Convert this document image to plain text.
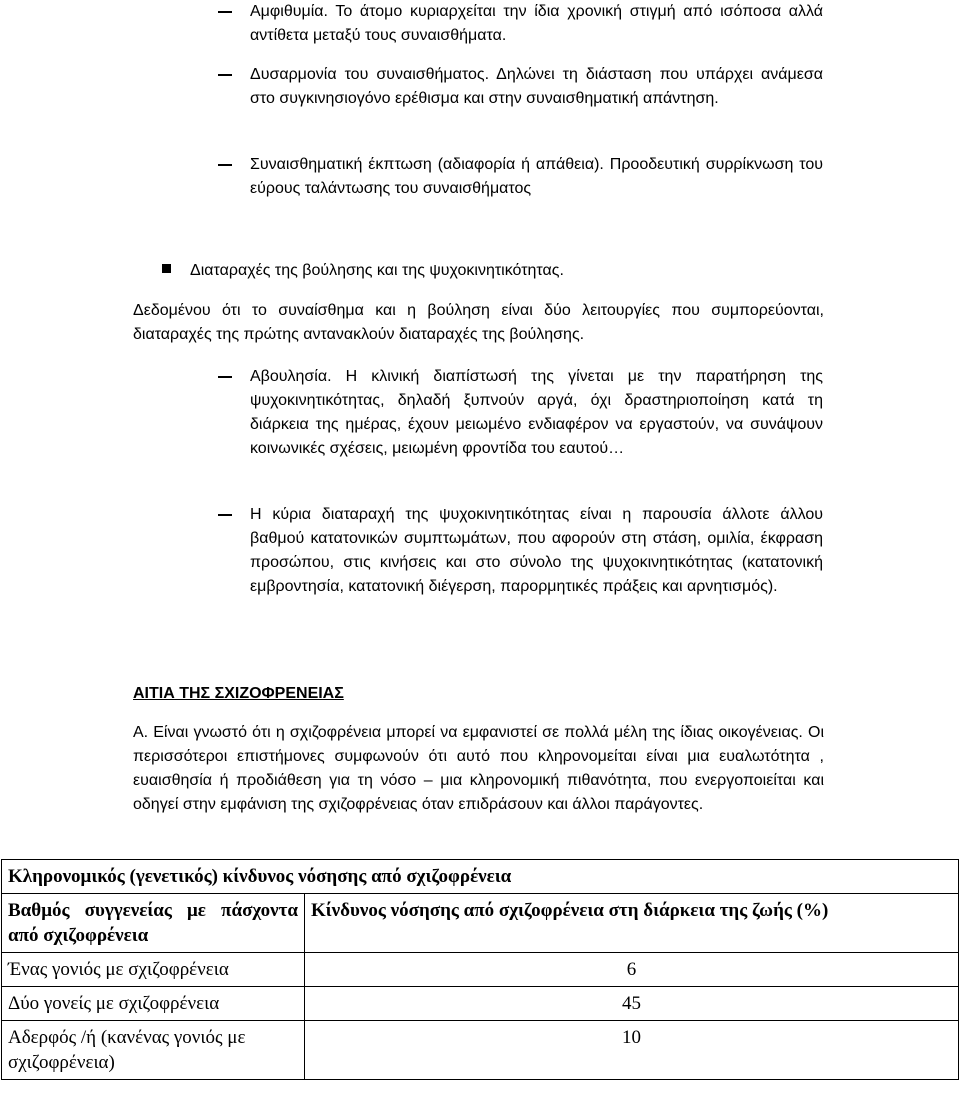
Αμφιθυμία. Το άτομο κυριαρχείται την ίδια χρονική στιγμή από ισόποσα αλλά αντίθετα μεταξύ τους συναισθήματα.
Δυσαρμονία του συναισθήματος. Δηλώνει τη διάσταση που υπάρχει ανάμεσα στο συγκινησιογόνο ερέθισμα και στην συναισθηματική απάντηση.
Συναισθηματική έκπτωση (αδιαφορία ή απάθεια). Προοδευτική συρρίκνωση του εύρους ταλάντωσης του συναισθήματος
Διαταραχές της βούλησης και της ψυχοκινητικότητας.
Δεδομένου ότι το συναίσθημα και η βούληση είναι δύο λειτουργίες που συμπορεύονται, διαταραχές της πρώτης αντανακλούν διαταραχές της βούλησης.
Αβουλησία. Η κλινική διαπίστωσή της γίνεται με την παρατήρηση της ψυχοκινητικότητας, δηλαδή ξυπνούν αργά, όχι δραστηριοποίηση κατά τη διάρκεια της ημέρας, έχουν μειωμένο ενδιαφέρον να εργαστούν, να συνάψουν κοινωνικές σχέσεις, μειωμένη φροντίδα του εαυτού…
Η κύρια διαταραχή της ψυχοκινητικότητας είναι η παρουσία άλλοτε άλλου βαθμού κατατονικών συμπτωμάτων, που αφορούν στη στάση, ομιλία, έκφραση προσώπου, στις κινήσεις και στο σύνολο της ψυχοκινητικότητας (κατατονική εμβροντησία, κατατονική διέγερση, παρορμητικές πράξεις και αρνητισμός).
ΑΙΤΙΑ ΤΗΣ ΣΧΙΖΟΦΡΕΝΕΙΑΣ
Α. Είναι γνωστό ότι η σχιζοφρένεια μπορεί να εμφανιστεί σε πολλά μέλη της ίδιας οικογένειας. Οι περισσότεροι επιστήμονες συμφωνούν ότι αυτό που κληρονομείται είναι μια ευαλωτότητα , ευαισθησία ή προδιάθεση για τη νόσο – μια κληρονομική πιθανότητα, που ενεργοποιείται και οδηγεί στην εμφάνιση της σχιζοφρένειας όταν επιδράσουν και άλλοι παράγοντες.
Κληρονομικός (γενετικός) κίνδυνος νόσησης από σχιζοφρένεια	
Βαθμός συγγενείας με πάσχοντα από σχιζοφρένεια	Κίνδυνος νόσησης από σχιζοφρένεια στη διάρκεια της ζωής (%)
Ένας γονιός με σχιζοφρένεια	6
Δύο γονείς με σχιζοφρένεια	45
Αδερφός /ή (κανένας γονιός με σχιζοφρένεια)	10
